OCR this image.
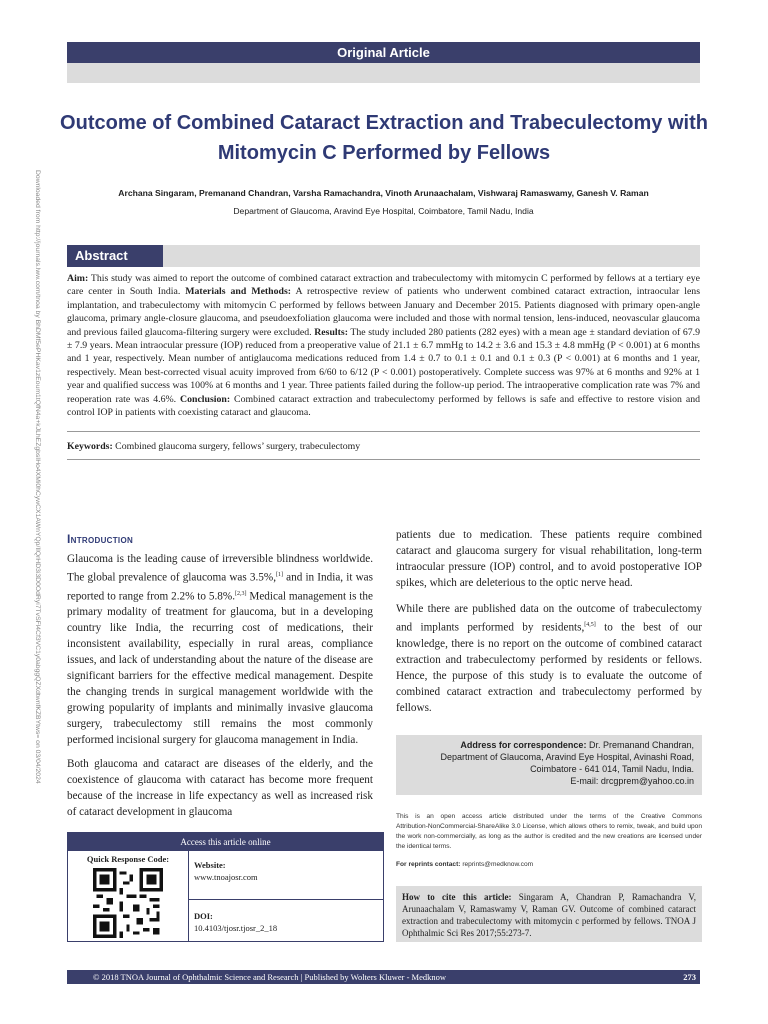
Original Article
Downloaded from http://journals.lww.com/tnoa by BhDMf5ePHKav1zEoum1tQfN4a+kJLhEZgbsIHo4XMi0hCywCX1AWnYQp/IlQrHD3i3D0OdRyi7TvSFl4Cf3VC1y0abggQZXdtwnfKZBYtws= on 03/04/2024
Outcome of Combined Cataract Extraction and Trabeculectomy with Mitomycin C Performed by Fellows
Archana Singaram, Premanand Chandran, Varsha Ramachandra, Vinoth Arunaachalam, Vishwaraj Ramaswamy, Ganesh V. Raman
Department of Glaucoma, Aravind Eye Hospital, Coimbatore, Tamil Nadu, India
Abstract

Aim: This study was aimed to report the outcome of combined cataract extraction and trabeculectomy with mitomycin C performed by fellows at a tertiary eye care center in South India. Materials and Methods: A retrospective review of patients who underwent combined cataract extraction, intraocular lens implantation, and trabeculectomy with mitomycin C performed by fellows between January and December 2015. Patients diagnosed with primary open‑angle glaucoma, primary angle‑closure glaucoma, and pseudoexfoliation glaucoma were included and those with normal tension, lens‑induced, neovascular glaucoma and previous failed glaucoma‑filtering surgery were excluded. Results: The study included 280 patients (282 eyes) with a mean age ± standard deviation of 67.9 ± 7.9 years. Mean intraocular pressure (IOP) reduced from a preoperative value of 21.1 ± 6.7 mmHg to 14.2 ± 3.6 and 15.3 ± 4.8 mmHg (P < 0.001) at 6 months and 1 year, respectively. Mean number of antiglaucoma medications reduced from 1.4 ± 0.7 to 0.1 ± 0.1 and 0.1 ± 0.3 (P < 0.001) at 6 months and 1 year, respectively. Mean best‑corrected visual acuity improved from 6/60 to 6/12 (P < 0.001) postoperatively. Complete success was 97% at 6 months and 92% at 1 year and qualified success was 100% at 6 months and 1 year. Three patients failed during the follow‑up period. The intraoperative complication rate was 7% and reoperation rate was 4.6%. Conclusion: Combined cataract extraction and trabeculectomy performed by fellows is safe and effective to restore vision and control IOP in patients with coexisting cataract and glaucoma.

Keywords: Combined glaucoma surgery, fellows’ surgery, trabeculectomy
Introduction

Glaucoma is the leading cause of irreversible blindness worldwide. The global prevalence of glaucoma was 3.5%,[1] and in India, it was reported to range from 2.2% to 5.8%.[2,3] Medical management is the primary modality of treatment for glaucoma, but in a developing country like India, the recurring cost of medications, their inconsistent availability, especially in rural areas, compliance issues, and lack of understanding about the nature of the disease are significant barriers for the effective medical management. Despite the changing trends in surgical management worldwide with the growing popularity of implants and minimally invasive glaucoma surgery, trabeculectomy still remains the most commonly performed incisional surgery for glaucoma management in India.

Both glaucoma and cataract are diseases of the elderly, and the coexistence of glaucoma with cataract has become more frequent because of the increase in life expectancy as well as increased risk of cataract development in glaucoma

patients due to medication. These patients require combined cataract and glaucoma surgery for visual rehabilitation, long‑term intraocular pressure (IOP) control, and to avoid postoperative IOP spikes, which are deleterious to the optic nerve head.

While there are published data on the outcome of trabeculectomy and implants performed by residents,[4,5] to the best of our knowledge, there is no report on the outcome of combined cataract extraction and trabeculectomy performed by residents or fellows. Hence, the purpose of this study is to evaluate the outcome of combined cataract extraction and trabeculectomy performed by fellows.

Address for correspondence: Dr. Premanand Chandran,
Department of Glaucoma, Aravind Eye Hospital, Avinashi Road,
Coimbatore ‑ 641 014, Tamil Nadu, India.
E‑mail: drcgprem@yahoo.co.in
This is an open access article distributed under the terms of the Creative Commons Attribution‑NonCommercial‑ShareAlike 3.0 License, which allows others to remix, tweak, and build upon the work non‑commercially, as long as the author is credited and the new creations are licensed under the identical terms.
For reprints contact: reprints@medknow.com
How to cite this article: Singaram A, Chandran P, Ramachandra V, Arunaachalam V, Ramaswamy V, Raman GV. Outcome of combined cataract extraction and trabeculectomy with mitomycin c performed by fellows. TNOA J Ophthalmic Sci Res 2017;55:273‑7.
Access this article online
Quick Response Code:
Website:
www.tnoajosr.com
DOI:
10.4103/tjosr.tjosr_2_18
© 2018 TNOA Journal of Ophthalmic Science and Research | Published by Wolters Kluwer ‑ Medknow	273
